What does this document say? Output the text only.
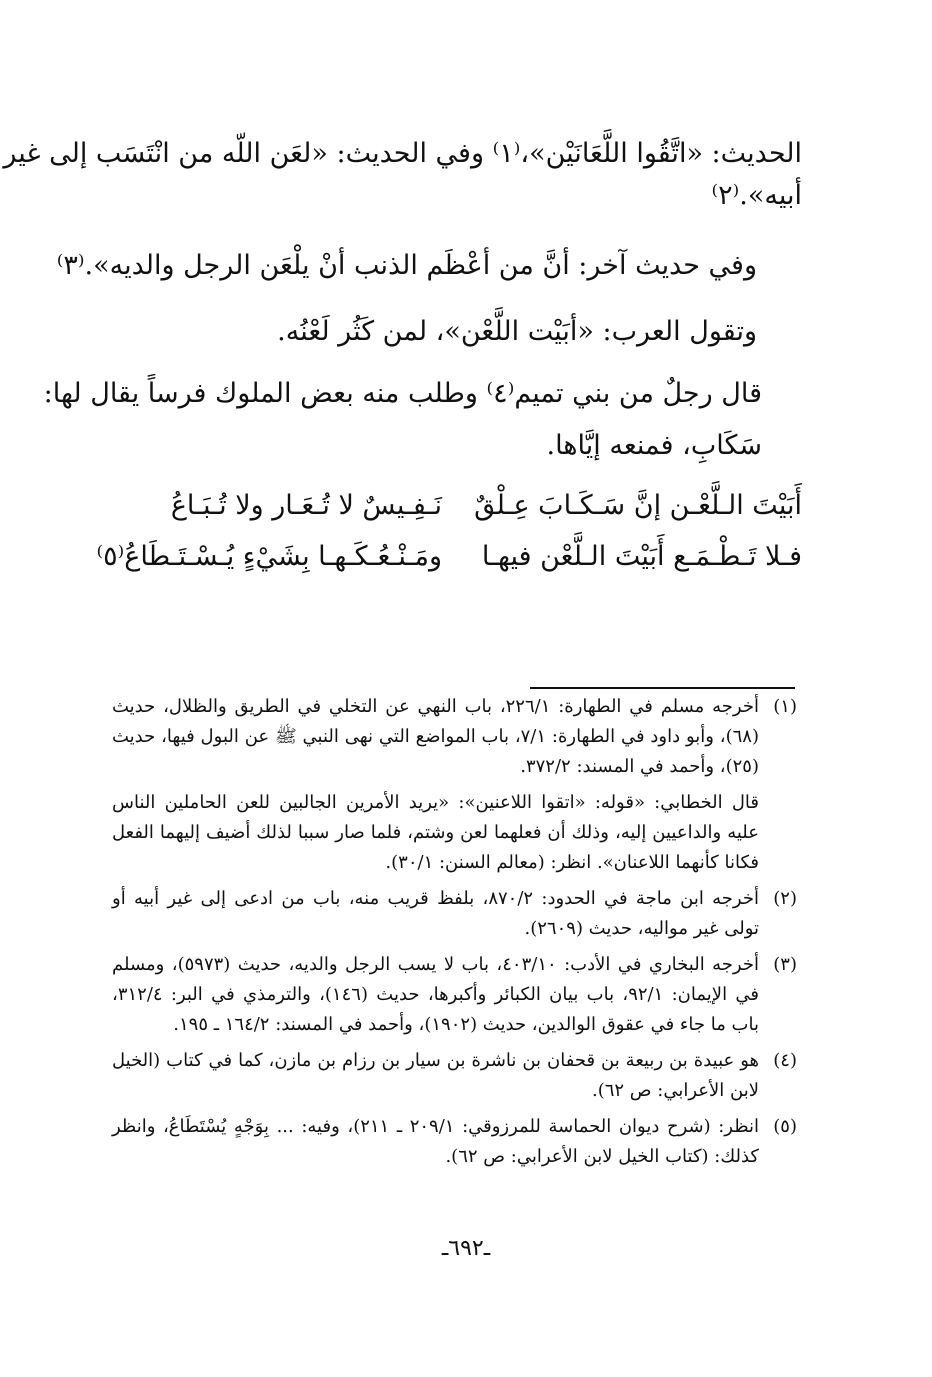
الحديث: «اتَّقُوا اللَّعَانَيْن»،⁽١⁾ وفي الحديث: «لعَن اللّه من انْتَسَب إلى غير
أبيه».⁽٢⁾
وفي حديث آخر: أنَّ من أعْظَم الذنب أنْ يلْعَن الرجل والديه».⁽٣⁾
وتقول العرب: «أبَيْت اللَّعْن»، لمن كَثُر لَعْنُه.
قال رجلٌ من بني تميم⁽٤⁾ وطلب منه بعض الملوك فرساً يقال لها:
سَكَابِ، فمنعه إيَّاها.
أَبَيْتَ الـلَّعْـن إنَّ سَـكَـابَ عِـلْقٌ
نَـفِـيسٌ لا تُـعَـار ولا تُـبَـاعُ
فـلا تَـطْـمَـع أَبَيْتَ الـلَّعْن فيهـا
ومَـنْـعُـكَـهـا بِشَيْءٍ يُـسْـتَـطَاعُ⁽٥⁾
(١)
أخرجه مسلم في الطهارة: ٢٢٦/١، باب النهي عن التخلي في الطريق والظلال، حديث (٦٨)، وأبو داود في الطهارة: ٧/١، باب المواضع التي نهى النبي ﷺ عن البول فيها، حديث (٢٥)، وأحمد في المسند: ٣٧٢/٢.
قال الخطابي: «قوله: «اتقوا اللاعنين»: «يريد الأمرين الجالبين للعن الحاملين الناس عليه والداعيين إليه، وذلك أن فعلهما لعن وشتم، فلما صار سببا لذلك أضيف إليهما الفعل فكانا كأنهما اللاعنان». انظر: (معالم السنن: ٣٠/١).
(٢)
أخرجه ابن ماجة في الحدود: ٨٧٠/٢، بلفظ قريب منه، باب من ادعى إلى غير أبيه أو تولى غير مواليه، حديث (٢٦٠٩).
(٣)
أخرجه البخاري في الأدب: ٤٠٣/١٠، باب لا يسب الرجل والديه، حديث (٥٩٧٣)، ومسلم في الإيمان: ٩٢/١، باب بيان الكبائر وأكبرها، حديث (١٤٦)، والترمذي في البر: ٣١٢/٤، باب ما جاء في عقوق الوالدين، حديث (١٩٠٢)، وأحمد في المسند: ١٦٤/٢ ـ ١٩٥.
(٤)
هو عبيدة بن ربيعة بن قحفان بن ناشرة بن سيار بن رزام بن مازن، كما في كتاب (الخيل لابن الأعرابي: ص ٦٢).
(٥)
انظر: (شرح ديوان الحماسة للمرزوقي: ٢٠٩/١ ـ ٢١١)، وفيه: ... بِوَجْهٍ يُسْتَطَاعُ، وانظر كذلك: (كتاب الخيل لابن الأعرابي: ص ٦٢).
ـ٦٩٢ـ
